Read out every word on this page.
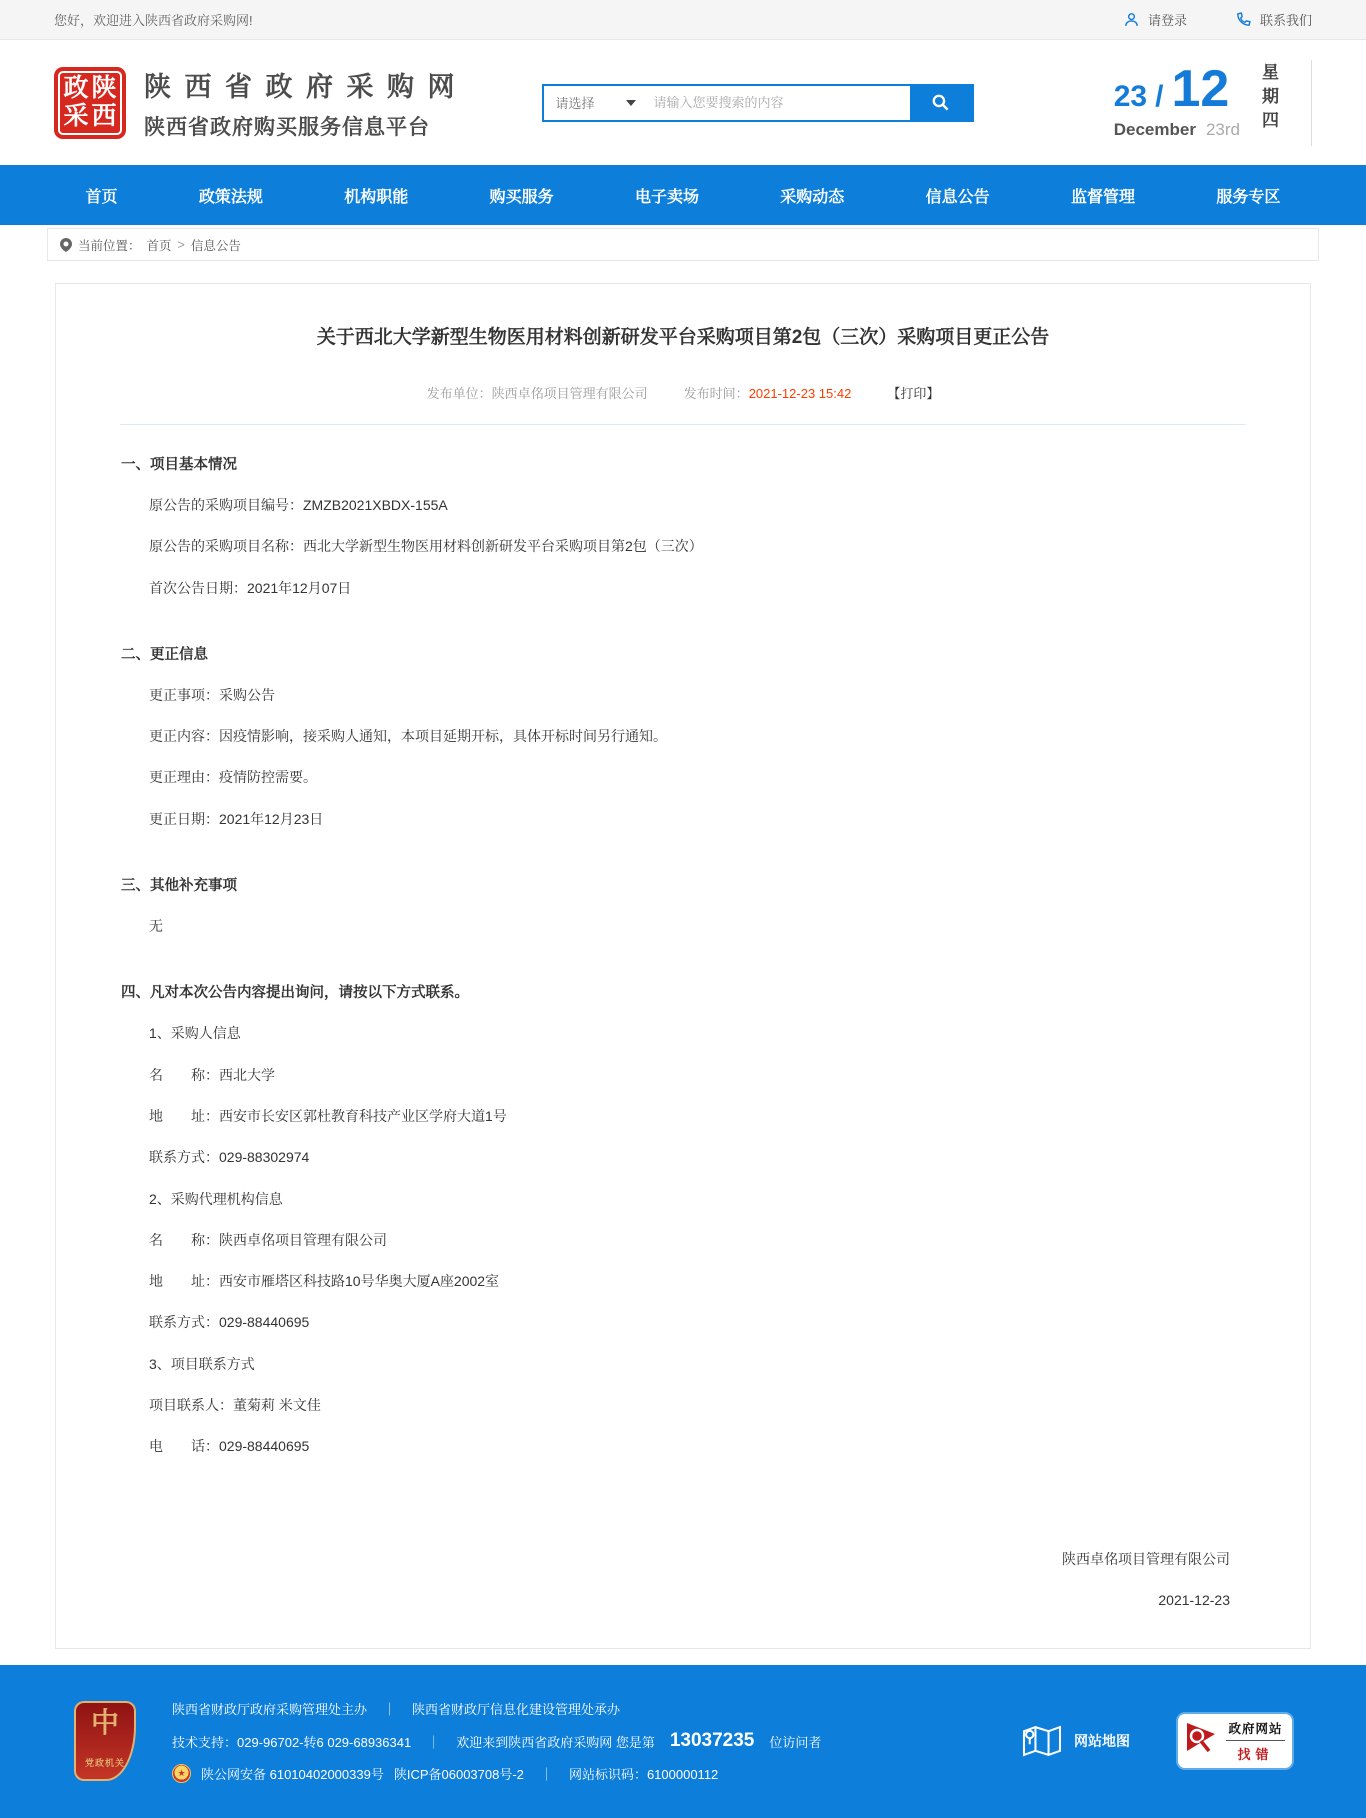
您好，欢迎进入陕西省政府采购网!	请登录	联系我们
政 陕
采 西
陕 西 省 政 府 采 购 网
陕西省政府购买服务信息平台
请选择
请输入您要搜索的内容	23 / 12
December 23rd 星期四
首页	政策法规	机构职能	购买服务	电子卖场	采购动态	信息公告	监督管理	服务专区
当前位置： 首页 > 信息公告
关于西北大学新型生物医用材料创新研发平台采购项目第2包（三次）采购项目更正公告
发布单位：陕西卓佲项目管理有限公司	发布时间：2021-12-23 15:42	【打印】
一、项目基本情况

原公告的采购项目编号：ZMZB2021XBDX-155A

原公告的采购项目名称：西北大学新型生物医用材料创新研发平台采购项目第2包（三次）

首次公告日期：2021年12月07日

二、更正信息

更正事项：采购公告

更正内容：因疫情影响，接采购人通知，本项目延期开标，具体开标时间另行通知。

更正理由：疫情防控需要。

更正日期：2021年12月23日

三、其他补充事项

无

四、凡对本次公告内容提出询问，请按以下方式联系。

1、采购人信息

名　　称：西北大学

地　　址：西安市长安区郭杜教育科技产业区学府大道1号

联系方式：029-88302974

2、采购代理机构信息

名　　称：陕西卓佲项目管理有限公司

地　　址：西安市雁塔区科技路10号华奥大厦A座2002室

联系方式：029-88440695

3、项目联系方式

项目联系人：董菊莉 米文佳

电　　话：029-88440695

陕西卓佲项目管理有限公司
2021-12-23
中
党政机关
陕西省财政厅政府采购管理处主办 ｜ 陕西省财政厅信息化建设管理处承办
技术支持：029-96702-转6 029-68936341 ｜ 欢迎来到陕西省政府采购网 您是第 13037235 位访问者
★	陕公网安备 61010402000339号 陕ICP备06003708号-2 ｜ 网站标识码：6100000112
网站地图
政府网站
找错
